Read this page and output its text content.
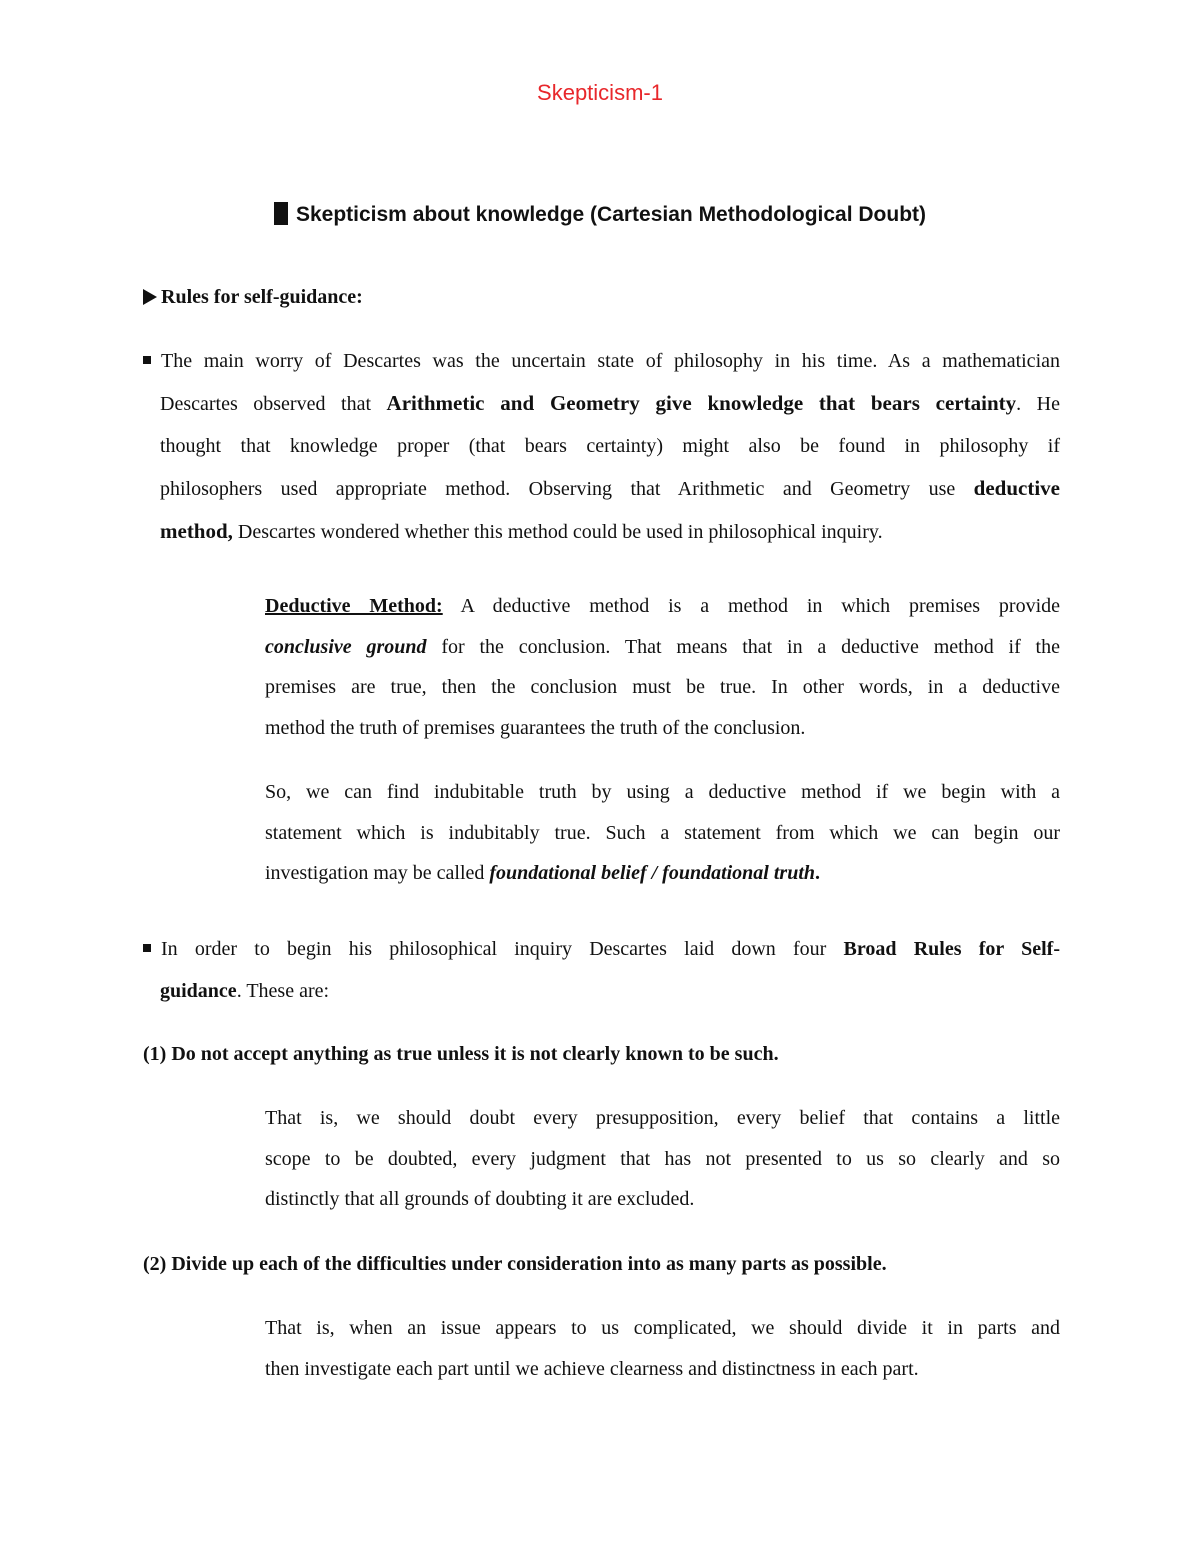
Skepticism-1
Skepticism about knowledge (Cartesian Methodological Doubt)
Rules for self-guidance:
The main worry of Descartes was the uncertain state of philosophy in his time. As a mathematician
Descartes observed that Arithmetic and Geometry give knowledge that bears certainty. He
thought that knowledge proper (that bears certainty) might also be found in philosophy if
philosophers used appropriate method. Observing that Arithmetic and Geometry use deductive
method, Descartes wondered whether this method could be used in philosophical inquiry.
Deductive Method: A deductive method is a method in which premises provide
conclusive ground for the conclusion. That means that in a deductive method if the
premises are true, then the conclusion must be true. In other words, in a deductive
method the truth of premises guarantees the truth of the conclusion.
So, we can find indubitable truth by using a deductive method if we begin with a
statement which is indubitably true. Such a statement from which we can begin our
investigation may be called foundational belief / foundational truth.
In order to begin his philosophical inquiry Descartes laid down four Broad Rules for Self-
guidance. These are:
(1) Do not accept anything as true unless it is not clearly known to be such.
That is, we should doubt every presupposition, every belief that contains a little
scope to be doubted, every judgment that has not presented to us so clearly and so
distinctly that all grounds of doubting it are excluded.
(2) Divide up each of the difficulties under consideration into as many parts as possible.
That is, when an issue appears to us complicated, we should divide it in parts and
then investigate each part until we achieve clearness and distinctness in each part.
